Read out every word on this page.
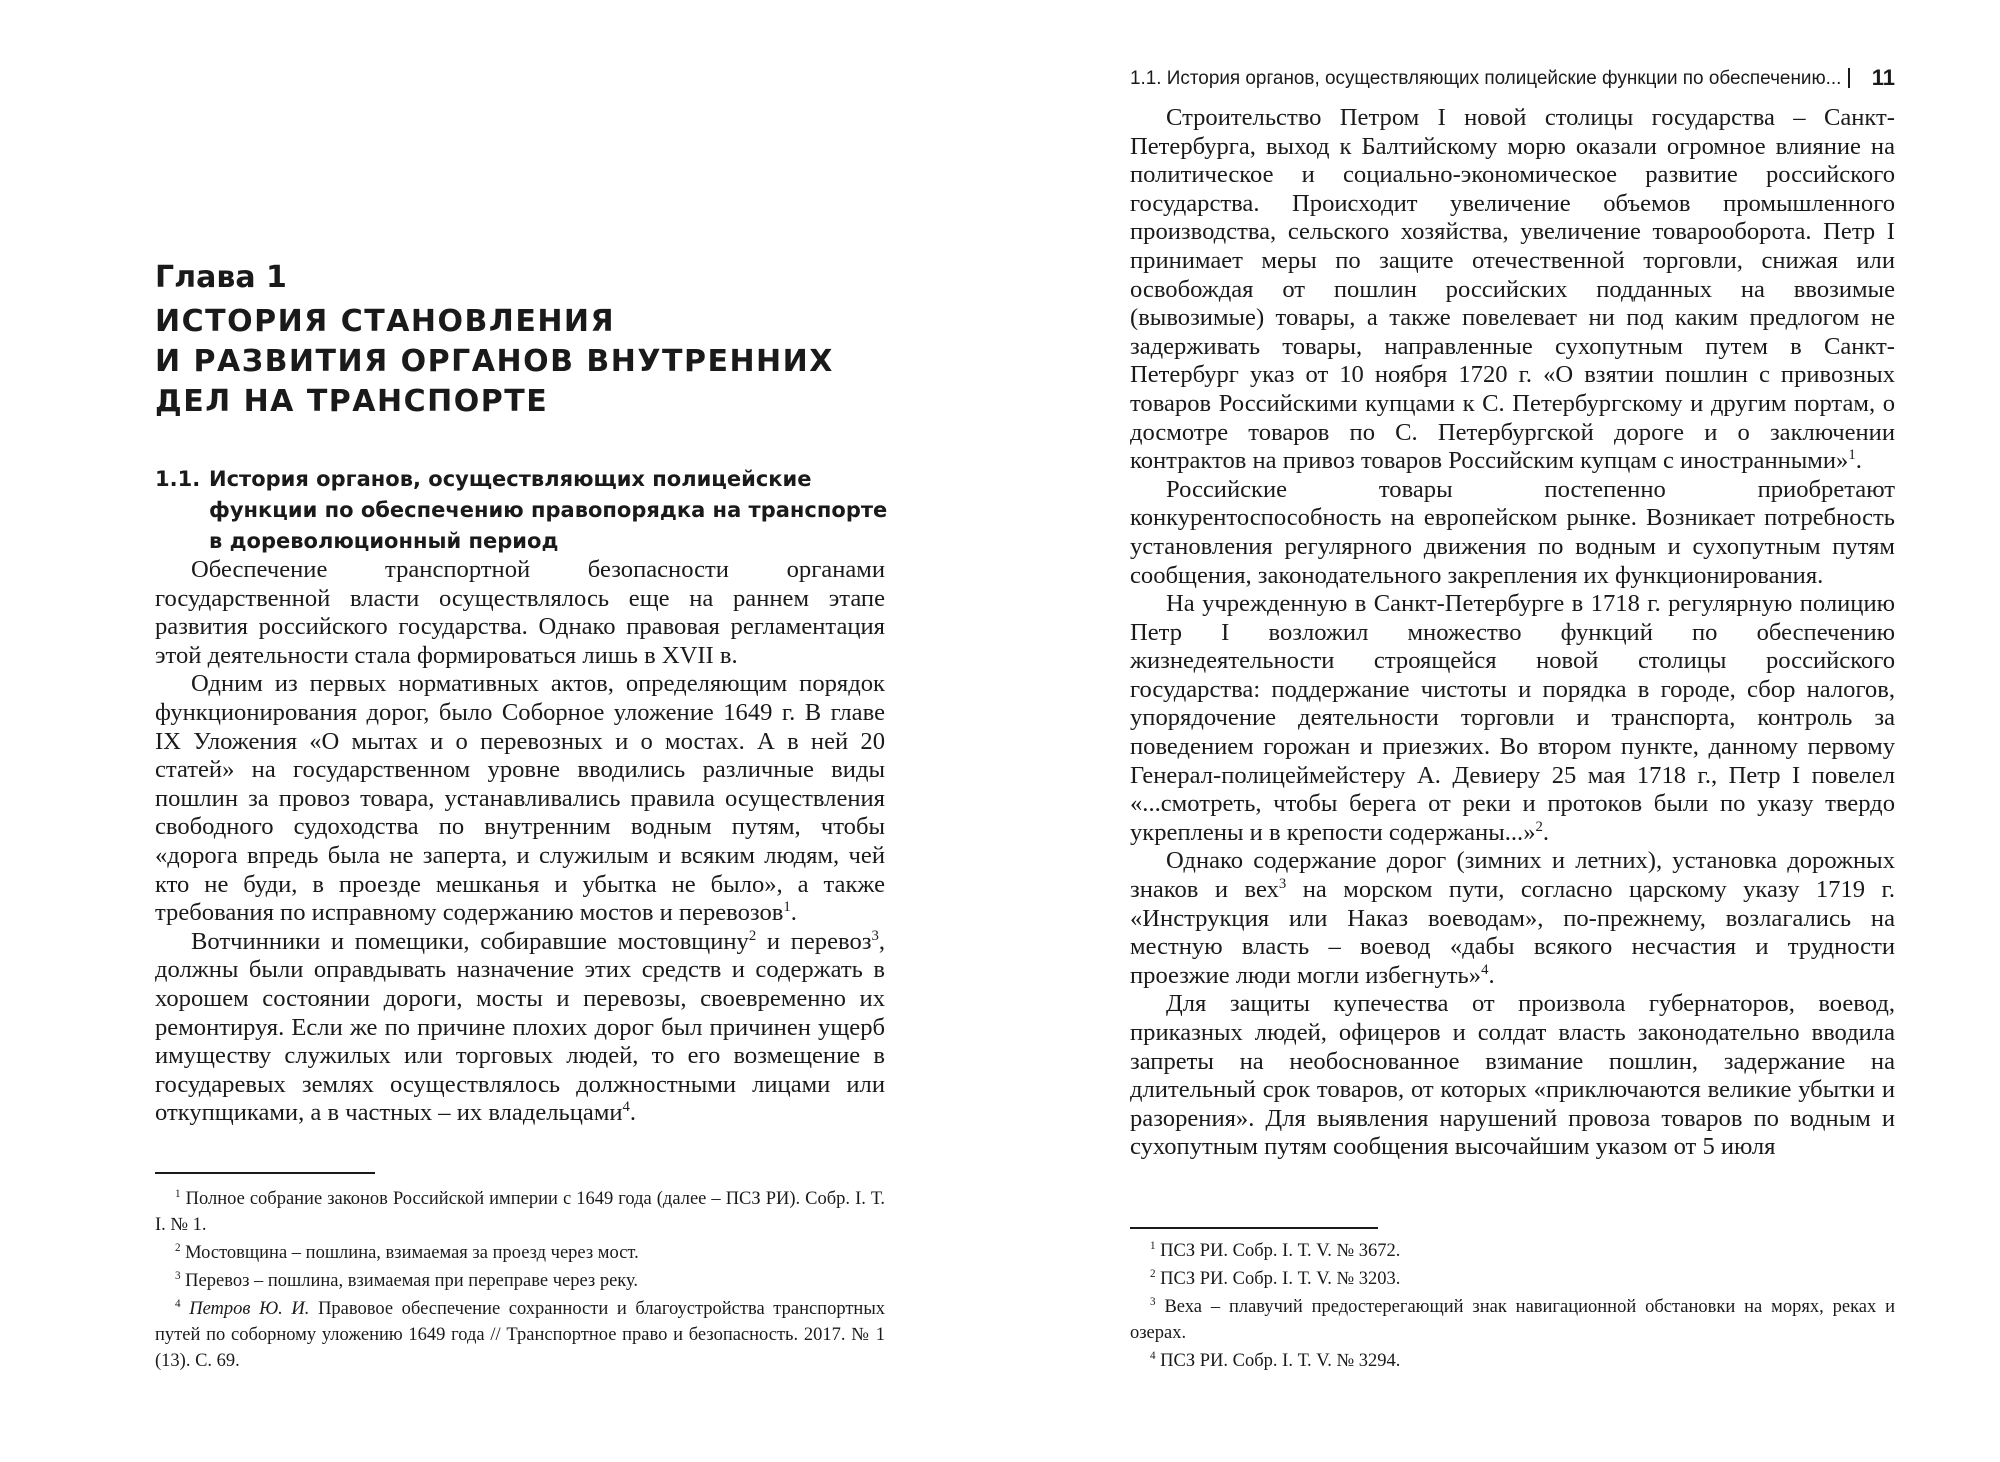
Глава 1
ИСТОРИЯ СТАНОВЛЕНИЯ
И РАЗВИТИЯ ОРГАНОВ ВНУТРЕННИХ
ДЕЛ НА ТРАНСПОРТЕ
1.1. История органов, осуществляющих полицейские
функции по обеспечению правопорядка на транспорте
в дореволюционный период

Обеспечение транспортной безопасности органами государственной власти осуществлялось еще на раннем этапе развития российского государства. Однако правовая регламентация этой деятельности стала формироваться лишь в XVII в.

Одним из первых нормативных актов, определяющим порядок функционирования дорог, было Соборное уложение 1649 г. В главе IX Уложения «О мытах и о перевозных и о мостах. А в ней 20 статей» на государственном уровне вводились различные виды пошлин за провоз товара, устанавливались правила осуществления свободного судоходства по внутренним водным путям, чтобы «дорога впредь была не заперта, и служилым и всяким людям, чей кто не буди, в проезде мешканья и убытка не было», а также требования по исправному содержанию мостов и перевозов$^1$.

Вотчинники и помещики, собиравшие мостовщину$^2$ и перевоз$^3$, должны были оправдывать назначение этих средств и содержать в хорошем состоянии дороги, мосты и перевозы, своевременно их ремонтируя. Если же по причине плохих дорог был причинен ущерб имуществу служилых или торговых людей, то его возмещение в государевых землях осуществлялось должностными лицами или откупщиками, а в частных – их владельцами$^4$.

$^1$ Полное собрание законов Российской империи с 1649 года (далее – ПСЗ РИ). Собр. I. Т. I. № 1.

$^2$ Мостовщина – пошлина, взимаемая за проезд через мост.

$^3$ Перевоз – пошлина, взимаемая при переправе через реку.

$^4$ Петров Ю. И. Правовое обеспечение сохранности и благоустройства транспортных путей по соборному уложению 1649 года // Транспортное право и безопасность. 2017. № 1 (13). С. 69.

1.1. История органов, осуществляющих полицейские функции по обеспечению... 11

Строительство Петром I новой столицы государства – Санкт-Петербурга, выход к Балтийскому морю оказали огромное влияние на политическое и социально-экономическое развитие российского государства. Происходит увеличение объемов промышленного производства, сельского хозяйства, увеличение товарооборота. Петр I принимает меры по защите отечественной торговли, снижая или освобождая от пошлин российских подданных на ввозимые (вывозимые) товары, а также повелевает ни под каким предлогом не задерживать товары, направленные сухопутным путем в Санкт-Петербург указ от 10 ноября 1720 г. «О взятии пошлин с привозных товаров Российскими купцами к С. Петербургскому и другим портам, о досмотре товаров по С. Петербургской дороге и о заключении контрактов на привоз товаров Российским купцам с иностранными»$^1$.

Российские товары постепенно приобретают конкурентоспособность на европейском рынке. Возникает потребность установления регулярного движения по водным и сухопутным путям сообщения, законодательного закрепления их функционирования.

На учрежденную в Санкт-Петербурге в 1718 г. регулярную полицию Петр I возложил множество функций по обеспечению жизнедеятельности строящейся новой столицы российского государства: поддержание чистоты и порядка в городе, сбор налогов, упорядочение деятельности торговли и транспорта, контроль за поведением горожан и приезжих. Во втором пункте, данному первому Генерал-полицеймейстеру А. Девиеру 25 мая 1718 г., Петр I повелел «...смотреть, чтобы берега от реки и протоков были по указу твердо укреплены и в крепости содержаны...»$^2$.

Однако содержание дорог (зимних и летних), установка дорожных знаков и вех$^3$ на морском пути, согласно царскому указу 1719 г. «Инструкция или Наказ воеводам», по-прежнему, возлагались на местную власть – воевод «дабы всякого несчастия и трудности проезжие люди могли избегнуть»$^4$.

Для защиты купечества от произвола губернаторов, воевод, приказных людей, офицеров и солдат власть законодательно вводила запреты на необоснованное взимание пошлин, задержание на длительный срок товаров, от которых «приключаются великие убытки и разорения». Для выявления нарушений провоза товаров по водным и сухопутным путям сообщения высочайшим указом от 5 июля

$^1$ ПСЗ РИ. Собр. I. Т. V. № 3672.

$^2$ ПСЗ РИ. Собр. I. Т. V. № 3203.

$^3$ Веха – плавучий предостерегающий знак навигационной обстановки на морях, реках и озерах.

$^4$ ПСЗ РИ. Собр. I. Т. V. № 3294.
